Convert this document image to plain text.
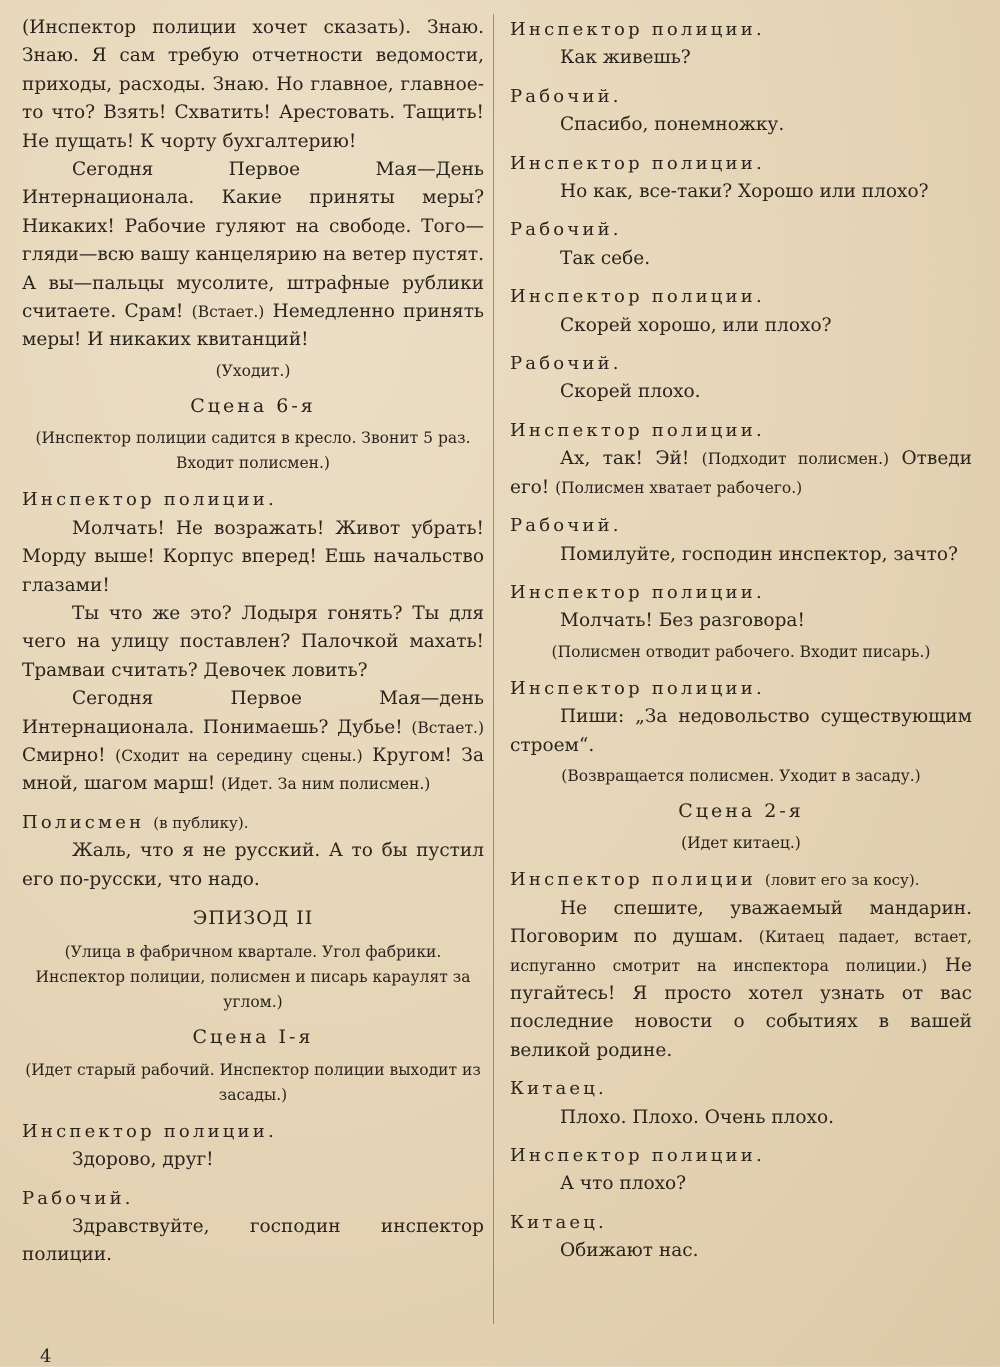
(Инспектор полиции хочет сказать). Знаю. Знаю. Я сам требую отчетности ведомости, приходы, расходы. Знаю. Но главное, главное-то что? Взять! Схватить! Арестовать. Тащить! Не пущать! К чорту бухгалтерию!

Сегодня Первое Мая—День Интернационала. Какие приняты меры? Никаких! Рабочие гуляют на свободе. Того—гляди—всю вашу канцелярию на ветер пустят. А вы—пальцы мусолите, штрафные рублики считаете. Срам! (Встает.) Немедленно принять меры! И никаких квитанций!

(Уходит.)

Сцена 6-я

(Инспектор полиции садится в кресло. Звонит 5 раз. Входит полисмен.)

Инспектор полиции.

Молчать! Не возражать! Живот убрать! Морду выше! Корпус вперед! Ешь начальство глазами!

Ты что же это? Лодыря гонять? Ты для чего на улицу поставлен? Палочкой махать! Трамваи считать? Девочек ловить?

Сегодня Первое Мая—день Интернационала. Понимаешь? Дубье! (Встает.) Смирно! (Сходит на середину сцены.) Кругом! За мной, шагом марш! (Идет. За ним полисмен.)

Полисмен (в публику).

Жаль, что я не русский. А то бы пустил его по-русски, что надо.

ЭПИЗОД II

(Улица в фабричном квартале. Угол фабрики. Инспектор полиции, полисмен и писарь караулят за углом.)

Сцена I-я

(Идет старый рабочий. Инспектор полиции выходит из засады.)

Инспектор полиции.

Здорово, друг!

Рабочий.

Здравствуйте, господин инспектор полиции.

Инспектор полиции.

Как живешь?

Рабочий.

Спасибо, понемножку.

Инспектор полиции.

Но как, все-таки? Хорошо или плохо?

Рабочий.

Так себе.

Инспектор полиции.

Скорей хорошо, или плохо?

Рабочий.

Скорей плохо.

Инспектор полиции.

Ах, так! Эй! (Подходит полисмен.) Отведи его! (Полисмен хватает рабочего.)

Рабочий.

Помилуйте, господин инспектор, зачто?

Инспектор полиции.

Молчать! Без разговора!

(Полисмен отводит рабочего. Входит писарь.)

Инспектор полиции.

Пиши: „За недовольство существующим строем“.

(Возвращается полисмен. Уходит в засаду.)

Сцена 2-я

(Идет китаец.)

Инспектор полиции (ловит его за косу).

Не спешите, уважаемый мандарин. Поговорим по душам. (Китаец падает, встает, испуганно смотрит на инспектора полиции.) Не пугайтесь! Я просто хотел узнать от вас последние новости о событиях в вашей великой родине.

Китаец.

Плохо. Плохо. Очень плохо.

Инспектор полиции.

А что плохо?

Китаец.

Обижают нас.

4
